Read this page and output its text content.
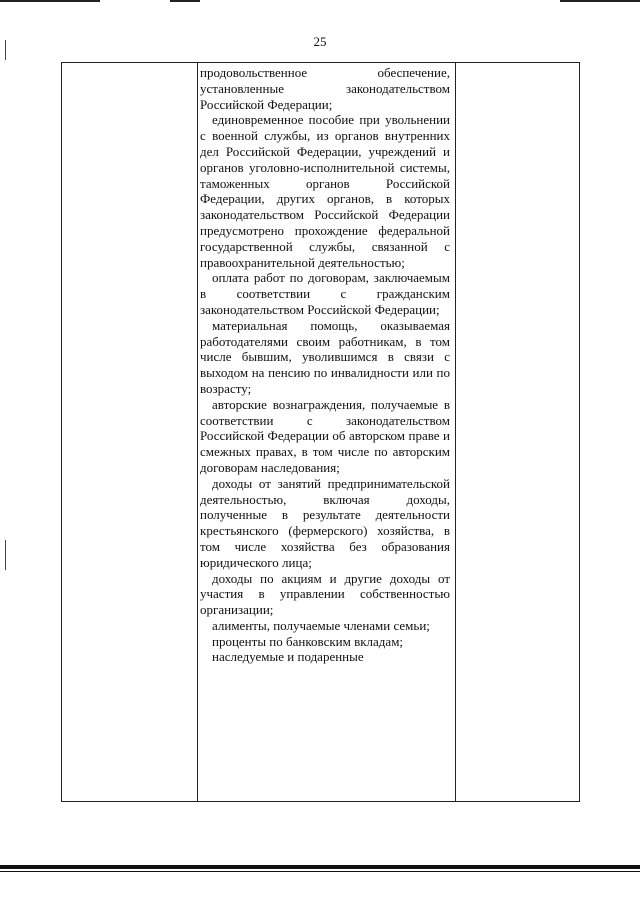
25

продовольственное обеспечение, установленные законодательством Российской Федерации;

единовременное пособие при увольнении с военной службы, из органов внутренних дел Российской Федерации, учреждений и органов уголовно-исполнительной системы, таможенных органов Российской Федерации, других органов, в которых законодательством Российской Федерации предусмотрено прохождение федеральной государственной службы, связанной с правоохранительной деятельностью;

оплата работ по договорам, заключаемым в соответствии с гражданским законодательством Российской Федерации;

материальная помощь, оказываемая работодателями своим работникам, в том числе бывшим, уволившимся в связи с выходом на пенсию по инвалидности или по возрасту;

авторские вознаграждения, получаемые в соответствии с законодательством Российской Федерации об авторском праве и смежных правах, в том числе по авторским договорам наследования;

доходы от занятий предпринимательской деятельностью, включая доходы, полученные в результате деятельности крестьянского (фермерского) хозяйства, в том числе хозяйства без образования юридического лица;

доходы по акциям и другие доходы от участия в управлении собственностью организации;

алименты, получаемые членами семьи;

проценты по банковским вкладам;

наследуемые и подаренные
